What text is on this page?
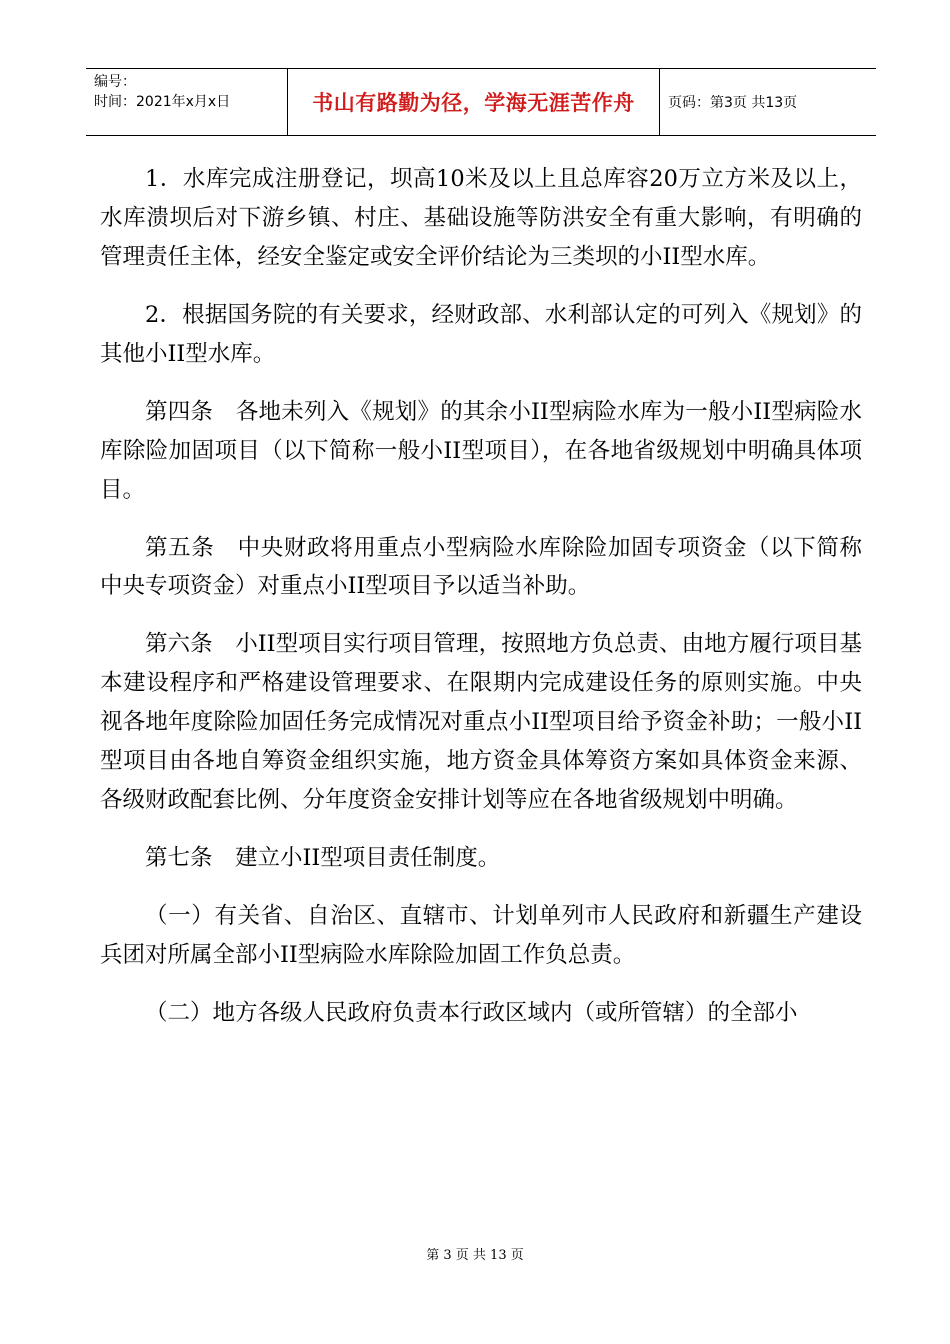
编号：
时间：2021年x月x日	书山有路勤为径，学海无涯苦作舟	页码：第3页 共13页

1．水库完成注册登记，坝高10米及以上且总库容20万立方米及以上，水库溃坝后对下游乡镇、村庄、基础设施等防洪安全有重大影响，有明确的管理责任主体，经安全鉴定或安全评价结论为三类坝的小II型水库。

2．根据国务院的有关要求，经财政部、水利部认定的可列入《规划》的其他小II型水库。

第四条　各地未列入《规划》的其余小II型病险水库为一般小II型病险水库除险加固项目（以下简称一般小II型项目），在各地省级规划中明确具体项目。

第五条　中央财政将用重点小型病险水库除险加固专项资金（以下简称中央专项资金）对重点小II型项目予以适当补助。

第六条　小II型项目实行项目管理，按照地方负总责、由地方履行项目基本建设程序和严格建设管理要求、在限期内完成建设任务的原则实施。中央视各地年度除险加固任务完成情况对重点小II型项目给予资金补助；一般小II型项目由各地自筹资金组织实施，地方资金具体筹资方案如具体资金来源、各级财政配套比例、分年度资金安排计划等应在各地省级规划中明确。

第七条　建立小II型项目责任制度。

（一）有关省、自治区、直辖市、计划单列市人民政府和新疆生产建设兵团对所属全部小II型病险水库除险加固工作负总责。

（二）地方各级人民政府负责本行政区域内（或所管辖）的全部小

第 3 页 共 13 页
